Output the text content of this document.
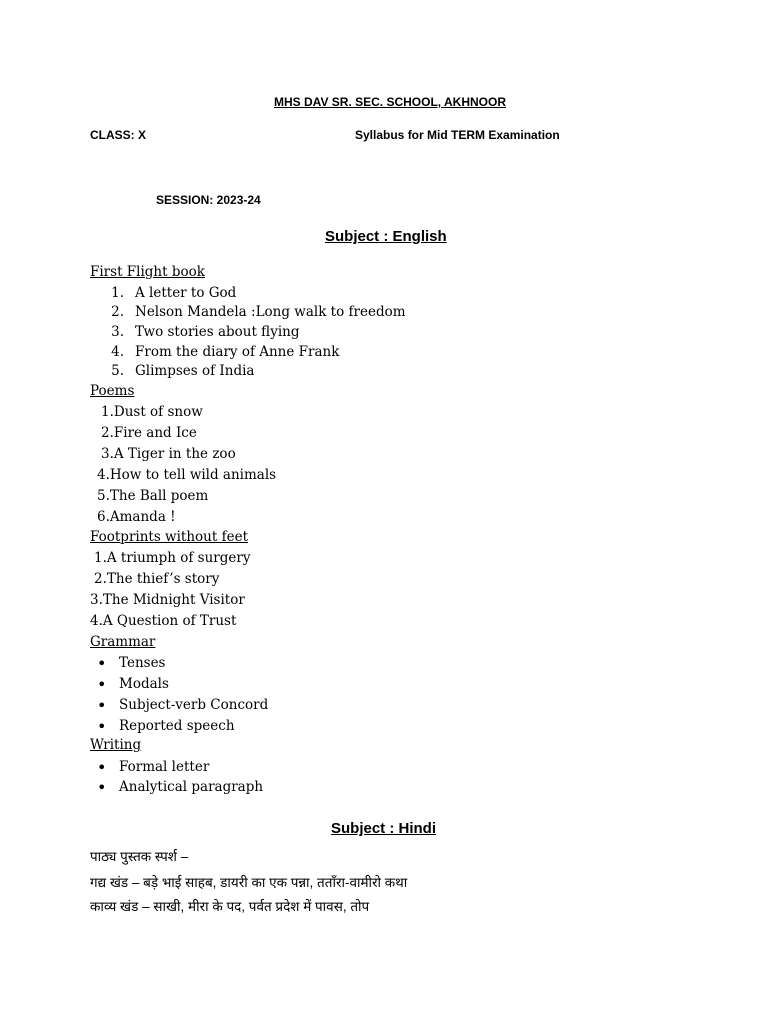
MHS DAV SR. SEC. SCHOOL, AKHNOOR
CLASS: X	Syllabus for Mid TERM Examination
SESSION: 2023-24
Subject : English
First Flight book
1. A letter to God
2. Nelson Mandela :Long walk to freedom
3. Two stories about flying
4. From the diary of Anne Frank
5. Glimpses of India
Poems
1.Dust of snow
2.Fire and Ice
3.A Tiger in the zoo
4.How to tell wild animals
5.The Ball poem
6.Amanda !
Footprints without feet
1.A triumph of surgery
2.The thief’s story
3.The Midnight Visitor
4.A Question of Trust
Grammar
• Tenses
• Modals
• Subject-verb Concord
• Reported speech
Writing
• Formal letter
• Analytical paragraph
Subject : Hindi
पाठ्य पुस्तक स्पर्श –
गद्य खंड – बड़े भाई साहब, डायरी का एक पन्ना, तताँरा-वामीरो कथा
काव्य खंड – साखी, मीरा के पद, पर्वत प्रदेश में पावस, तोप
